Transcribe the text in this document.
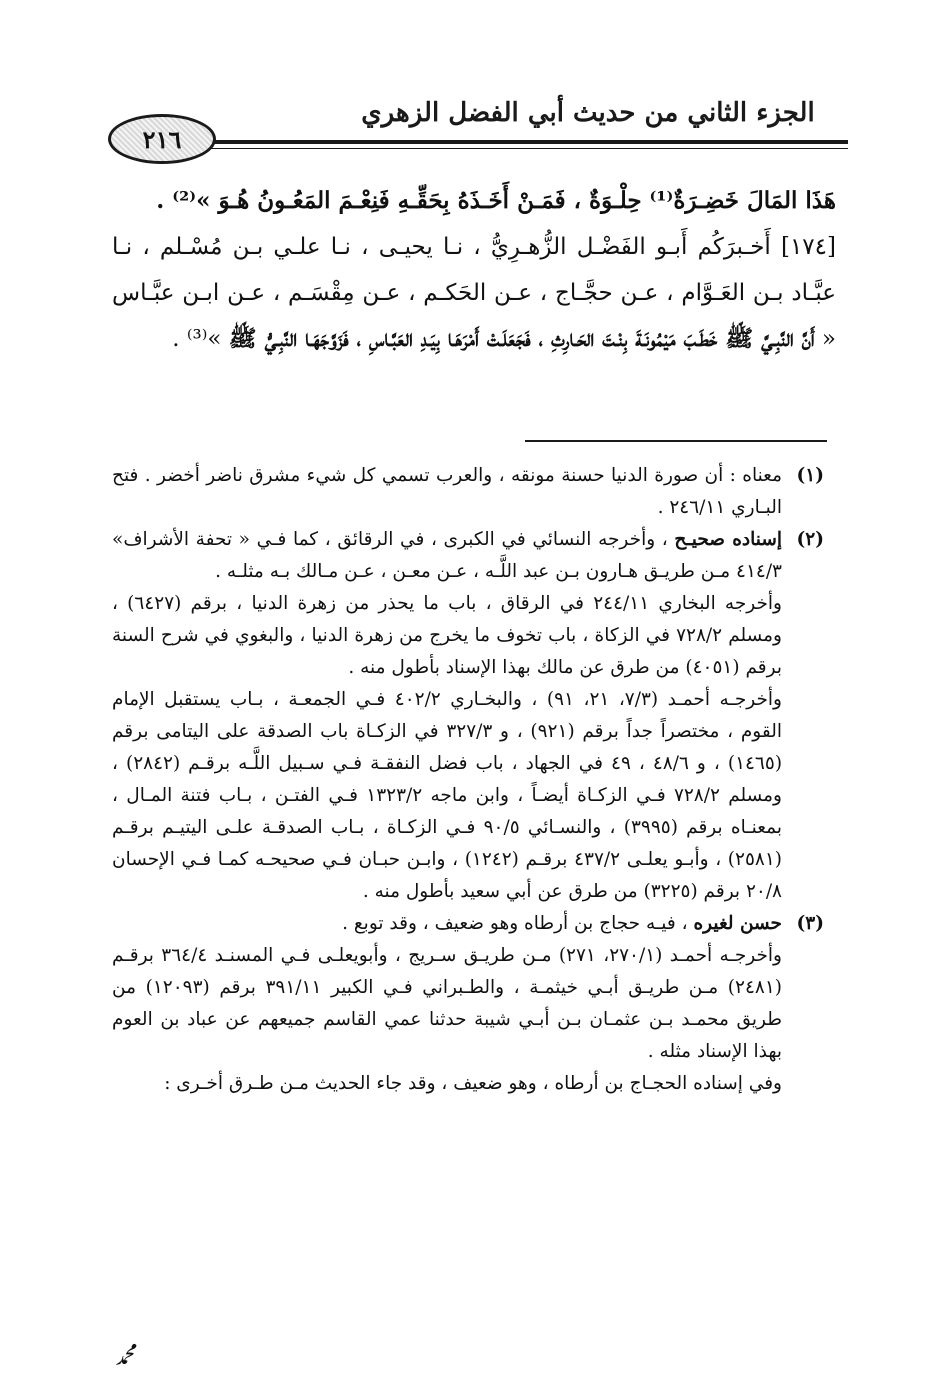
الجزء الثاني من حديث أبي الفضل الزهري
٢١٦

هَذَا المَالَ خَضِـرَةٌ⁽¹⁾ حِلْـوَةٌ ، فَمَـنْ أَخَـذَهُ بِحَقِّـهِ فَنِعْـمَ المَعُـونُ هُـوَ »⁽²⁾ .

[١٧٤] أَخـبرَكُم أَبـو الفَضْـل الزُّهـرِيُّ ، نـا يحيـى ، نـا علـي بـن مُسْـلم ، نـا عبَّـاد بـن العَـوَّام ، عـن حجَّـاج ، عـن الحَكـم ، عـن مِقْسَـم ، عـن ابـن عبَّـاس « أَنَّ النَّبِـيَّ ﷺ خَطَـبَ مَيْمُونَـةَ بِنْـتَ الحَـارِثِ ، فَجَعَلَـتْ أَمْرَهَـا بِيَـدِ العَبَّـاسِ ، فَزَوَّجَهَـا النَّبِـيُّ ﷺ »⁽³⁾ .

(١)

معناه : أن صورة الدنيا حسنة مونقه ، والعرب تسمي كل شيء مشرق ناضر أخضر . فتح البـاري ٢٤٦/١١ .

(٢)

إسناده صحيـح ، وأخرجه النسائي في الكبرى ، في الرقائق ، كما فـي « تحفة الأشراف» ٤١٤/٣ مـن طريـق هـارون بـن عبد اللَّـه ، عـن معـن ، عـن مـالك بـه مثلـه .

وأخرجه البخاري ٢٤٤/١١ في الرقاق ، باب ما يحذر من زهرة الدنيا ، برقم (٦٤٢٧) ، ومسلم ٧٢٨/٢ في الزكاة ، باب تخوف ما يخرج من زهرة الدنيا ، والبغوي في شرح السنة برقم (٤٠٥١) من طرق عن مالك بهذا الإسناد بأطول منه .

وأخرجـه أحمـد (٧/٣، ٢١، ٩١) ، والبخـاري ٤٠٢/٢ فـي الجمعـة ، بـاب يستقبل الإمام القوم ، مختصراً جداً برقم (٩٢١) ، و ٣٢٧/٣ في الزكـاة باب الصدقة على اليتامى برقم (١٤٦٥) ، و ٤٨/٦ ، ٤٩ في الجهاد ، باب فضل النفقـة فـي سـبيل اللَّـه برقـم (٢٨٤٢) ، ومسلم ٧٢٨/٢ فـي الزكـاة أيضـاً ، وابن ماجه ١٣٢٣/٢ فـي الفتـن ، بـاب فتنة المـال ، بمعنـاه برقم (٣٩٩٥) ، والنسـائي ٩٠/٥ فـي الزكـاة ، بـاب الصدقـة علـى اليتيـم برقـم (٢٥٨١) ، وأبـو يعلـى ٤٣٧/٢ برقـم (١٢٤٢) ، وابـن حبـان فـي صحيحـه كمـا فـي الإحسان ٢٠/٨ برقم (٣٢٢٥) من طرق عن أبي سعيد بأطول منه .

(٣)

حسن لغيره ، فيـه حجاج بن أرطاه وهو ضعيف ، وقد توبع .

وأخرجـه أحمـد (٢٧٠/١، ٢٧١) مـن طريـق سـريج ، وأبويعلـى فـي المسنـد ٣٦٤/٤ برقـم (٢٤٨١) مـن طريـق أبـي خيثمـة ، والطـبراني فـي الكبير ٣٩١/١١ برقم (١٢٠٩٣) من طريق محمـد بـن عثمـان بـن أبـي شيبة حدثنا عمي القاسم جميعهم عن عباد بن العوم بهذا الإسناد مثله .

وفي إسناده الحجـاج بن أرطاه ، وهو ضعيف ، وقد جاء الحديث مـن طـرق أخـرى :

ﷴ
